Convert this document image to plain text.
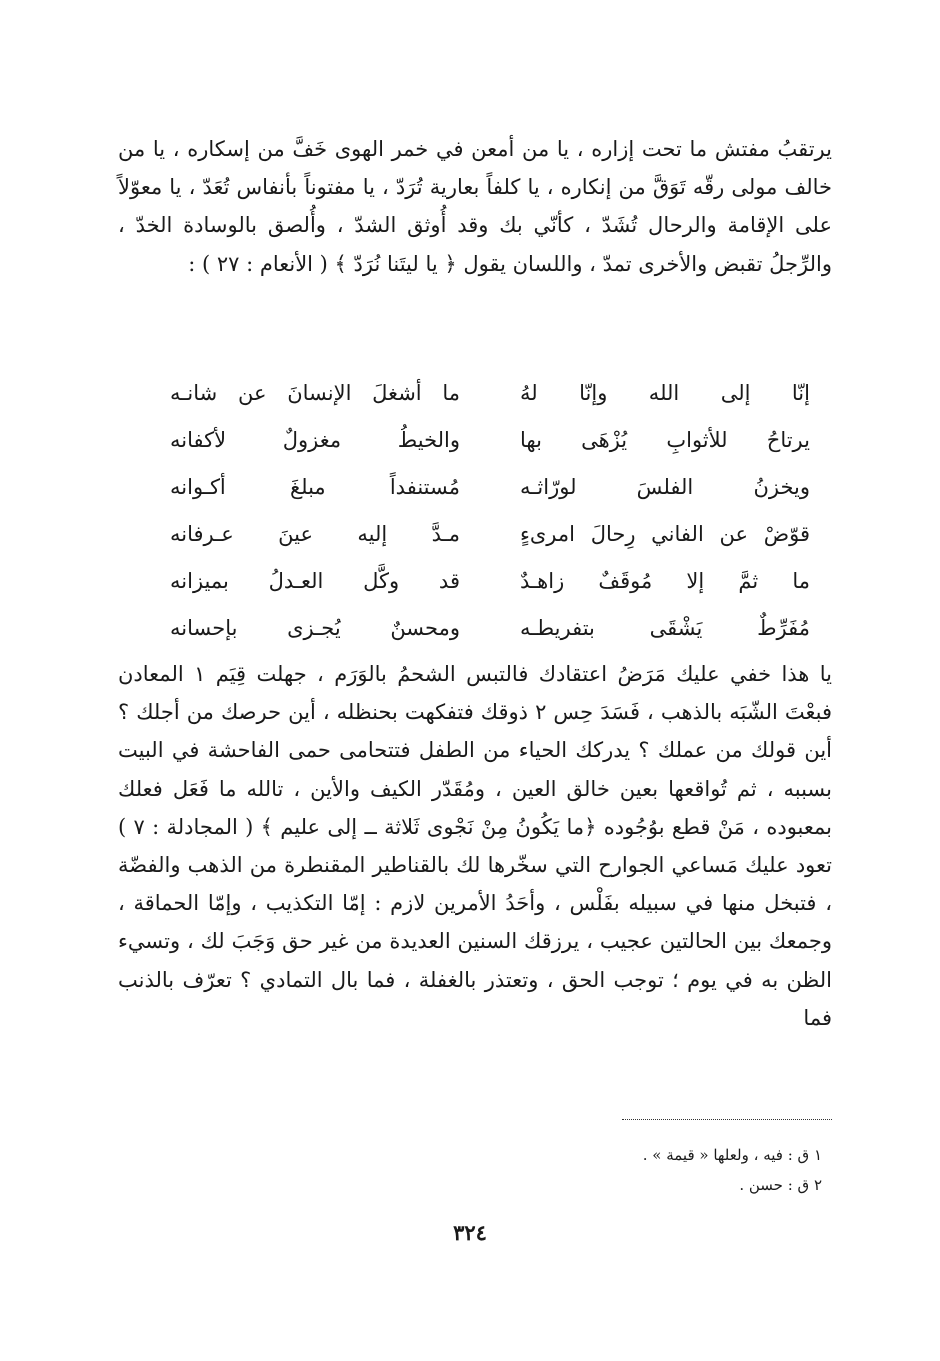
يرتقبُ مفتش ما تحت إزاره ، يا من أمعن في خمر الهوى خَفَّ من إسكاره ، يا من خالف مولى رقّه تَوَقَّ من إنكاره ، يا كلفاً بعارية تُرَدّ ، يا مفتوناً بأنفاس تُعَدّ ، يا معوّلاً على الإقامة والرحال تُشَدّ ، كأنّي بك وقد أُوثق الشدّ ، وأُلصق بالوسادة الخدّ ، والرِّجلُ تقبض والأخرى تمدّ ، واللسان يقول ﴿ يا ليتَنا نُرَدّ ﴾ ( الأنعام : ٢٧ ) :

إنّا إلى الله وإنّا لهُ
ما أشغلَ الإنسانَ عن شانـه
يرتاحُ للأثوابِ يُزْهَى بها
والخيطُ مغزولٌ لأكفانه
ويخزنُ الفلسَ لورّاثـه
مُستنفداً مبلغَ أكـوانه
قوّضْ عن الفاني رِحالَ امرىءٍ
مـدَّ إليه عينَ عـرفانه
ما ثمَّ إلا مُوقَفٌ زاهـدٌ
قد وكَّل العـدلُ بميزانه
مُفَرِّطٌ يَشْقَى بتفريطـه
ومحسنٌ يُجـزى بإحسانه

يا هذا خفي عليك مَرَضُ اعتقادك فالتبس الشحمُ بالوَرَم ، جهلت قِيَم ١ المعادن فبعْتَ الشّبَه بالذهب ، فَسَدَ حِس ٢ ذوقك فتفكهت بحنظله ، أين حرصك من أجلك ؟ أين قولك من عملك ؟ يدركك الحياء من الطفل فتتحامى حمى الفاحشة في البيت بسببه ، ثم تُواقعها بعين خالق العين ، ومُقَدّر الكيف والأين ، تالله ما فَعَل فعلك بمعبوده ، مَنْ قطع بوُجُوده ﴿ما يَكُونُ مِنْ نَجْوى ثَلاثة ــ إلى عليم ﴾ ( المجادلة : ٧ ) تعود عليك مَساعي الجوارح التي سخّرها لك بالقناطير المقنطرة من الذهب والفضّة ، فتبخل منها في سبيله بفَلْس ، وأحَدُ الأمرين لازم : إمّا التكذيب ، وإمّا الحماقة ، وجمعك بين الحالتين عجيب ، يرزقك السنين العديدة من غير حق وَجَبَ لك ، وتسيء الظن به في يوم ؛ توجب الحق ، وتعتذر بالغفلة ، فما بال التمادي ؟ تعرّف بالذنب فما

١ ق : فيه ، ولعلها « قيمة » .
٢ ق : حسن .
٣٢٤
